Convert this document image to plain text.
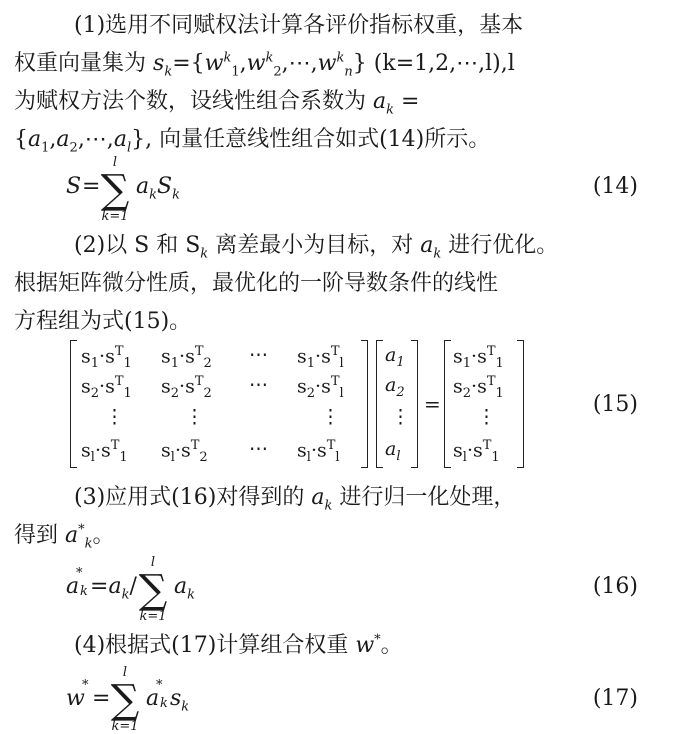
(1)选用不同赋权法计算各评价指标权重，基本
权重向量集为 $s_k=\{w^k_1,w^k_2,\cdots,w^k_n\}$ (k=1,2,⋯,l),l
为赋权方法个数，设线性组合系数为 $a_k$ =
$\{a_1,a_2,\cdots,a_l\}$, 向量任意线性组合如式(14)所示。
S =
l
∑
k=1
$a_kS_k$	(14)
(2)以 S 和 $S_k$ 离差最小为目标，对 $a_k$ 进行优化。
根据矩阵微分性质，最优化的一阶导数条件的线性
方程组为式(15)。
$s_1\cdot s^T_1$ $s_1\cdot s^T_2$ ⋯ $s_1\cdot s^T_l$
$s_2\cdot s^T_1$ $s_2\cdot s^T_2$ ⋯ $s_2\cdot s^T_l$
⋮	⋮	⋮
$s_l\cdot s^T_1$ $s_l\cdot s^T_2$ ⋯ $s_l\cdot s^T_l$
$a_1$
$a_2$
⋮
$a_l$
=
$s_1\cdot s^T_1$
$s_2\cdot s^T_1$
⋮
$s_l\cdot s^T_1$
(15)
(3)应用式(16)对得到的 $a_k$ 进行归一化处理，
得到 $a^*_k$。
a
*
$k =a_k/$
l
∑
k=1
$a_k$	(16)
(4)根据式(17)计算组合权重 w*。
w
*
=
l
∑
k=1
a
*
k $s_k$	(17)
